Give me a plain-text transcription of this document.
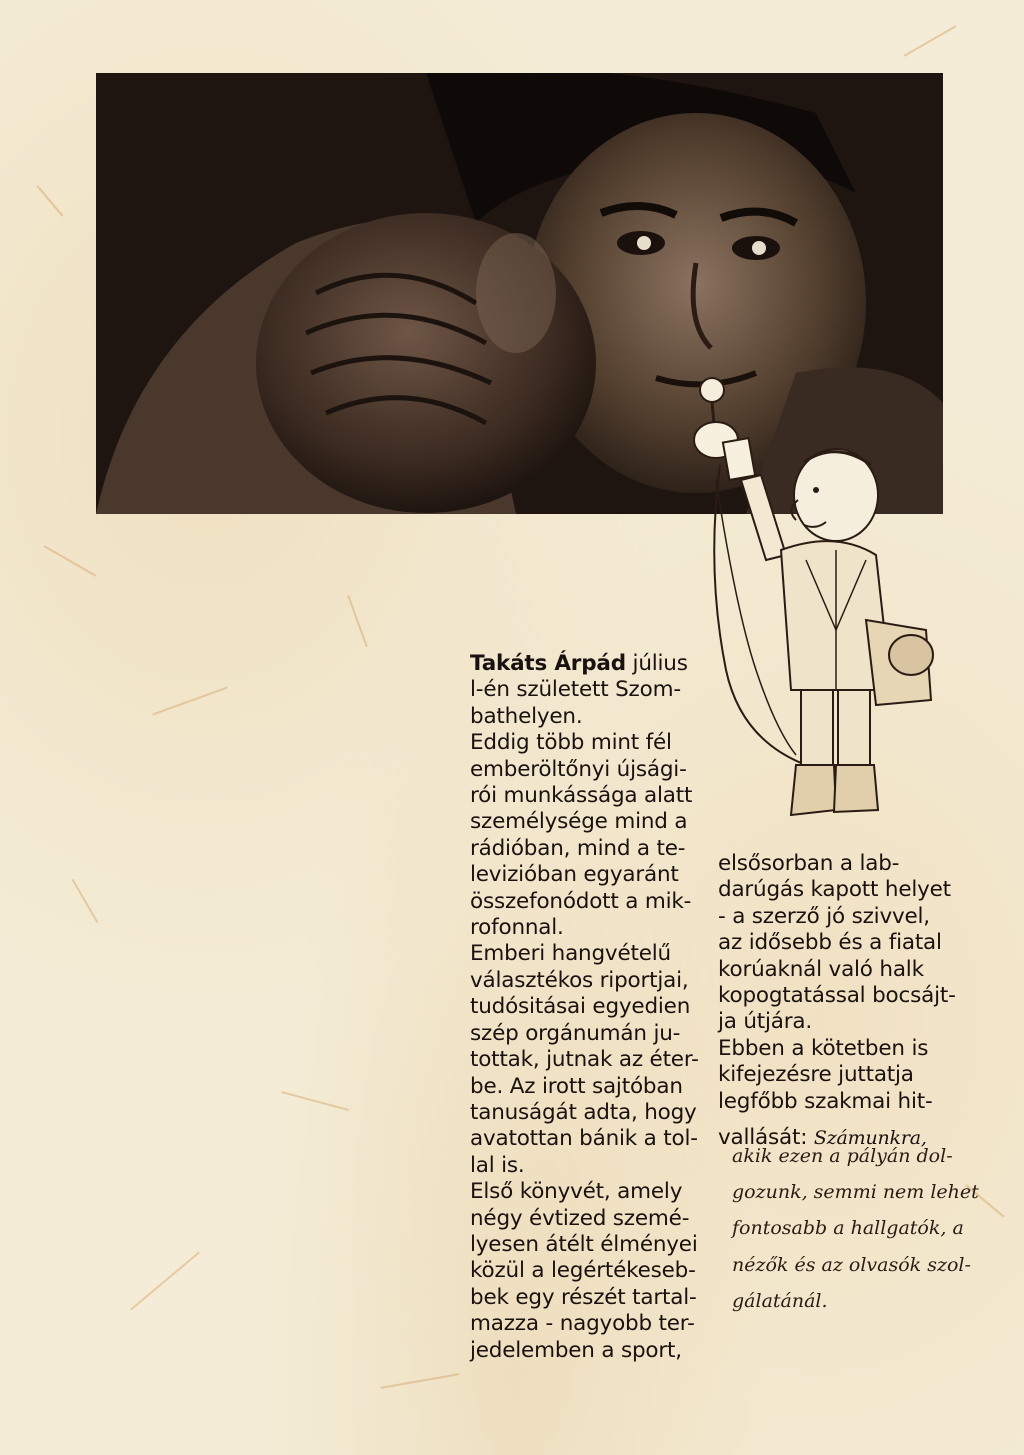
Takáts Árpád július
l-én született Szom-
bathelyen.
Eddig több mint fél
emberöltőnyi újsági-
rói munkássága alatt
személysége mind a
rádióban, mind a te-
levizióban egyaránt
összefonódott a mik-
rofonnal.
Emberi hangvételű
választékos riportjai,
tudósitásai egyedien
szép orgánumán ju-
tottak, jutnak az éter-
be. Az irott sajtóban
tanuságát adta, hogy
avatottan bánik a tol-
lal is.
Első könyvét, amely
négy évtized szemé-
lyesen átélt élményei
közül a legértékeseb-
bek egy részét tartal-
mazza - nagyobb ter-
jedelemben a sport,
elsősorban a lab-
darúgás kapott helyet
- a szerző jó szivvel,
az idősebb és a fiatal
korúaknál való halk
kopogtatással bocsájt-
ja útjára.
Ebben a kötetben is
kifejezésre juttatja
legfőbb szakmai hit-
vallását: Számunkra,
akik ezen a pályán dol-
gozunk, semmi nem lehet
fontosabb a hallgatók, a
nézők és az olvasók szol-
gálatánál.
